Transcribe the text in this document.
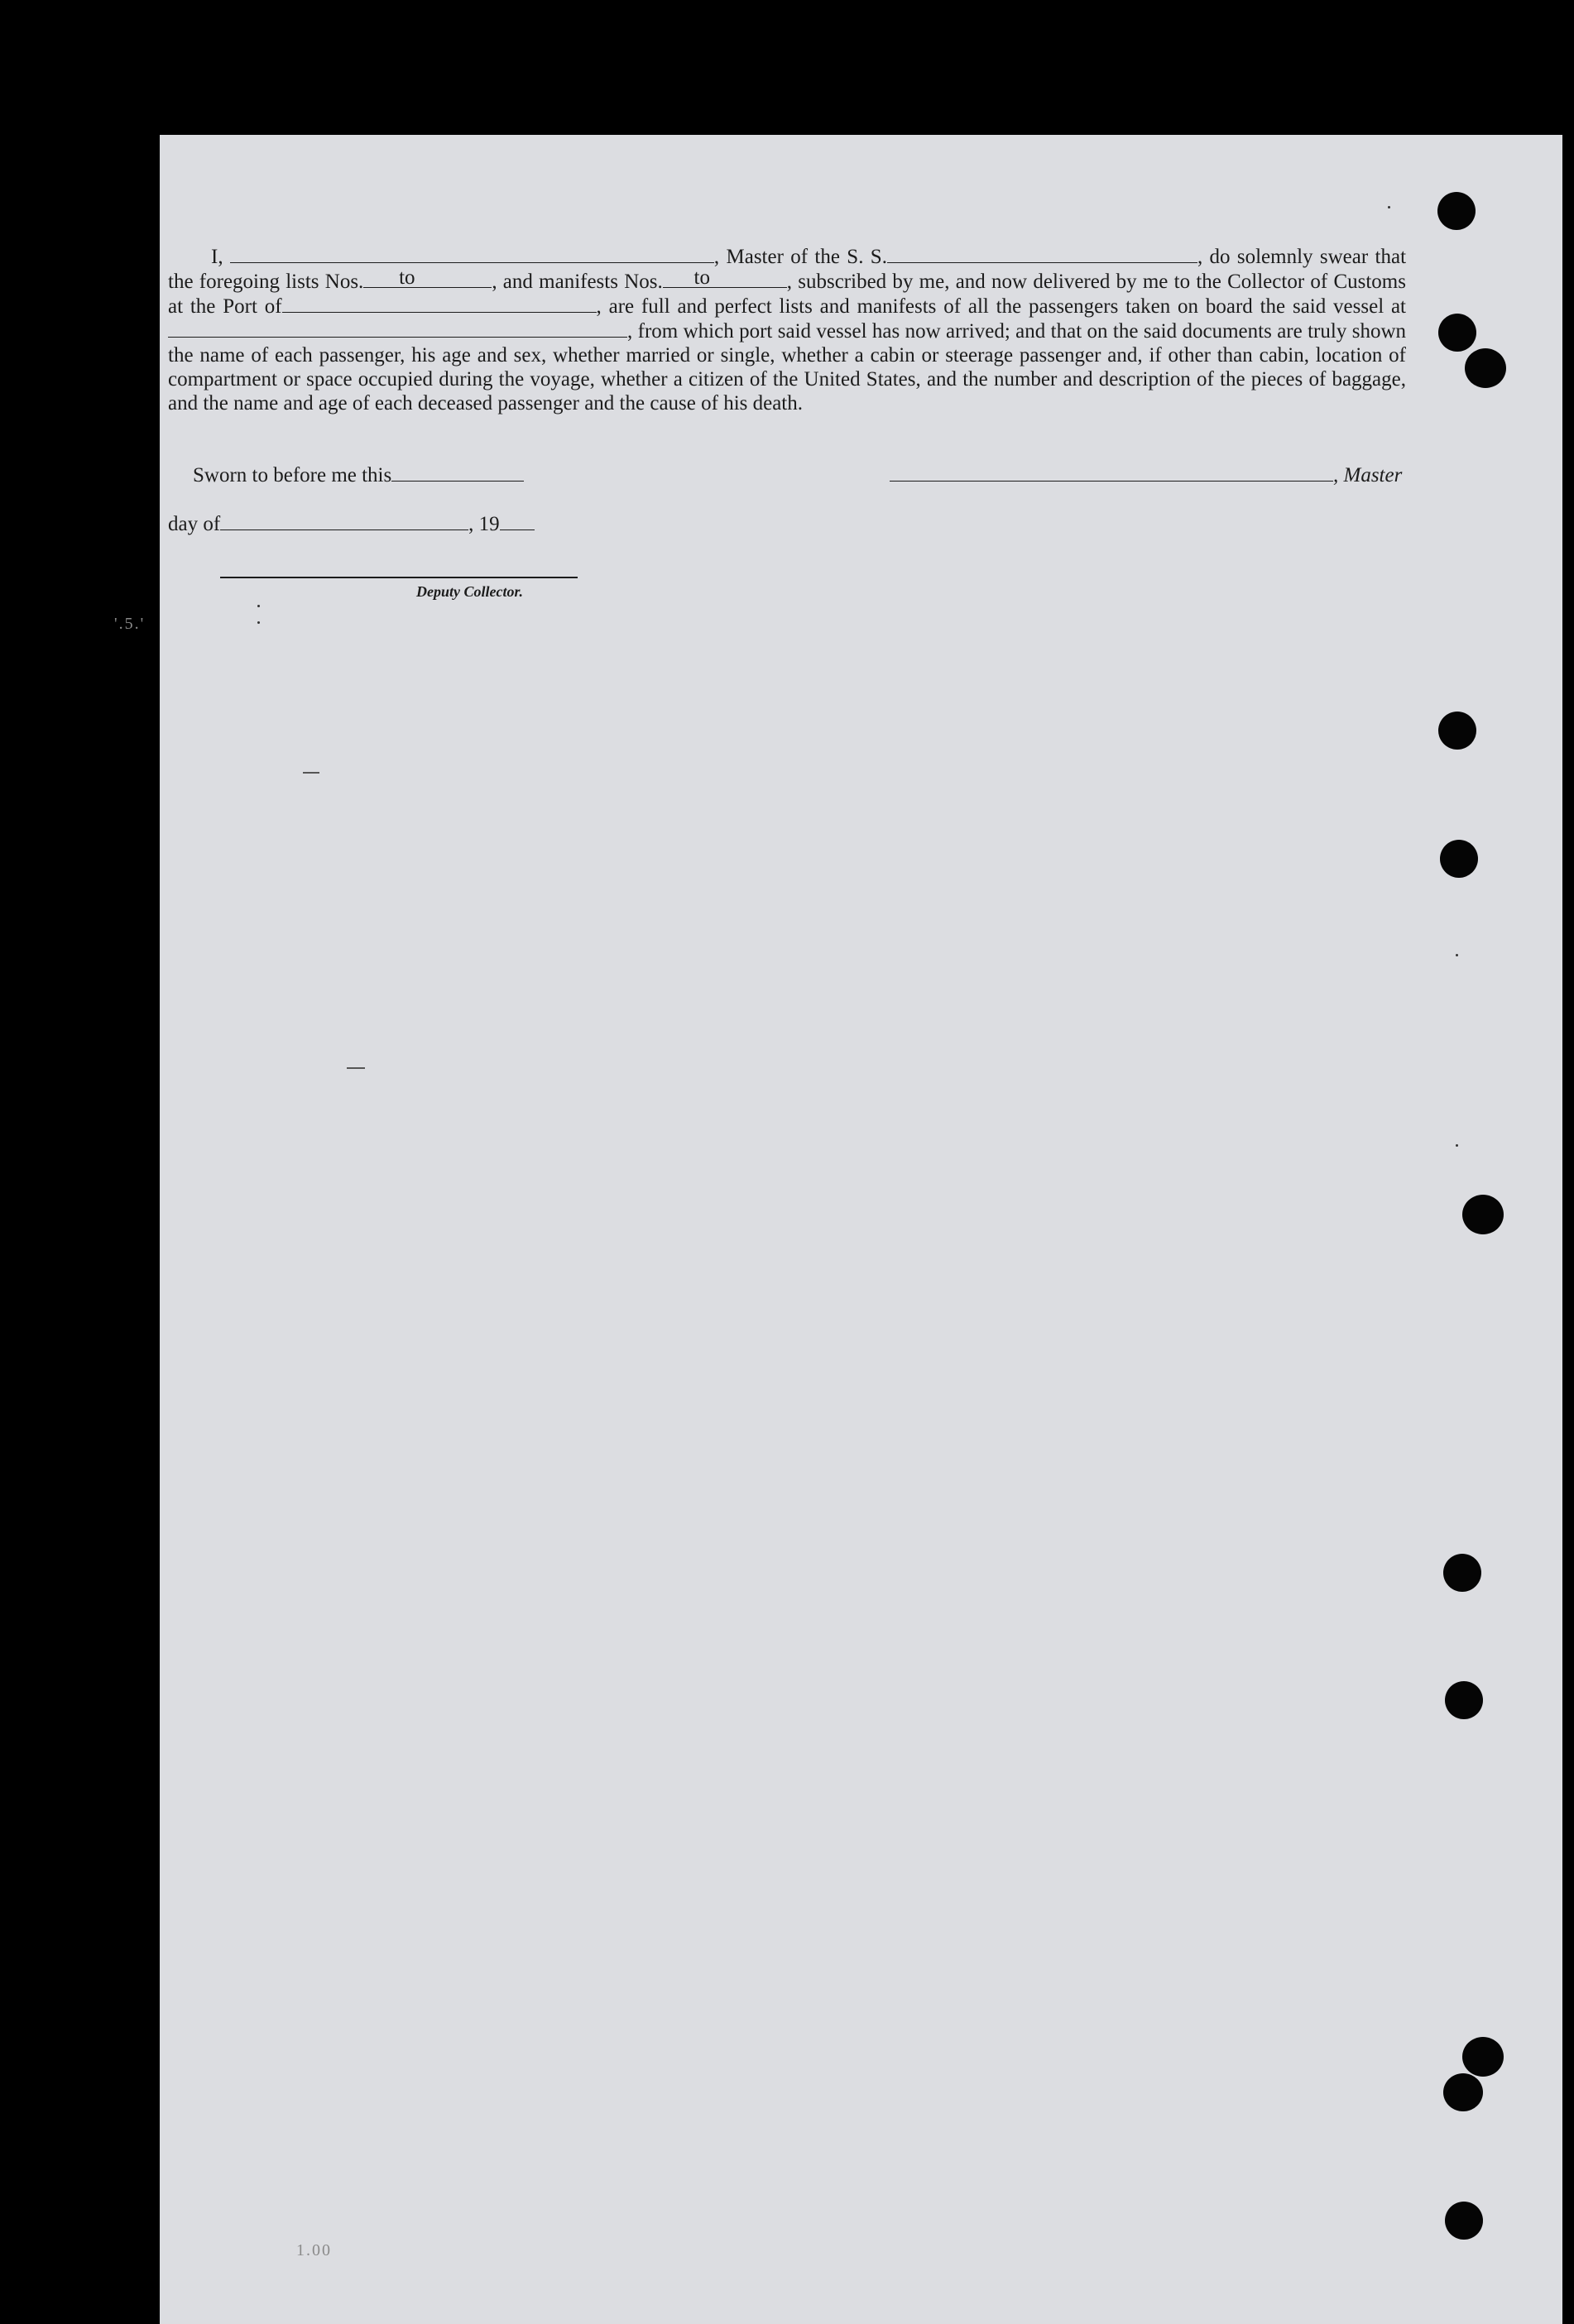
I,	, Master of the S. S.	, do solemnly swear that the foregoing lists Nos.	to	, and manifests Nos.	to	, subscribed by me, and now delivered by me to the Collector of Customs at the Port of	, are full and perfect lists and manifests of all the passengers taken on board the said vessel at, from which port said vessel has now arrived; and that on the said documents are truly shown the name of each passenger, his age and sex, whether married or single, whether a cabin or steerage passenger and, if other than cabin, location of compartment or space occupied during the voyage, whether a citizen of the United States, and the number and description of the pieces of baggage, and the name and age of each deceased passenger and the cause of his death.
Sworn to before me this	, Master
day of	, 19
Deputy Collector.
'.5.'
1.00
